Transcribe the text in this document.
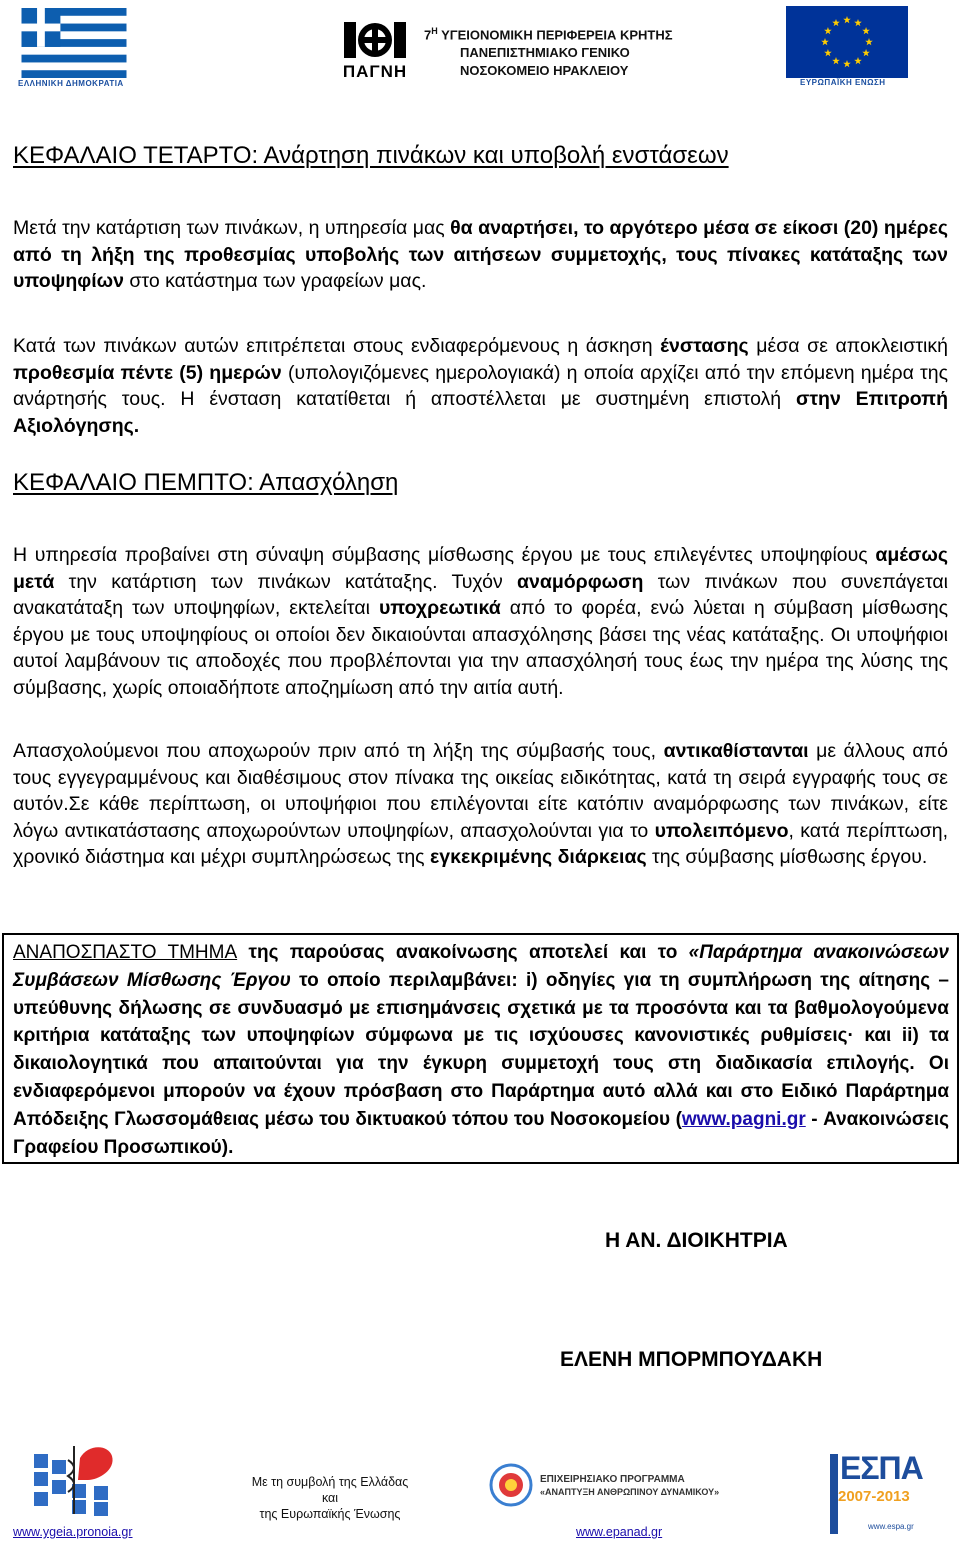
ΕΛΛΗΝΙΚΗ ΔΗΜΟΚΡΑΤΙΑ
ΠΑΓΝΗ
$7^H$ ΥΓΕΙΟΝΟΜΙΚΗ ΠΕΡΙΦΕΡΕΙΑ ΚΡΗΤΗΣ
ΠΑΝΕΠΙΣΤΗΜΙΑΚΟ ΓΕΝΙΚΟ
ΝΟΣΟΚΟΜΕΙΟ ΗΡΑΚΛΕΙΟΥ
ΕΥΡΩΠΑΪΚΗ ΕΝΩΣΗ
ΚΕΦΑΛΑΙΟ ΤΕΤΑΡΤΟ: Ανάρτηση πινάκων και υποβολή ενστάσεων
Μετά την κατάρτιση των πινάκων, η υπηρεσία μας θα αναρτήσει, το αργότερο μέσα σε είκοσι (20) ημέρες από τη λήξη της προθεσμίας υποβολής των αιτήσεων συμμετοχής, τους πίνακες κατάταξης των υποψηφίων στο κατάστημα των γραφείων μας.
Κατά των πινάκων αυτών επιτρέπεται στους ενδιαφερόμενους η άσκηση ένστασης μέσα σε αποκλειστική προθεσμία πέντε (5) ημερών (υπολογιζόμενες ημερολογιακά) η οποία αρχίζει από την επόμενη ημέρα της ανάρτησής τους. Η ένσταση κατατίθεται ή αποστέλλεται με συστημένη επιστολή στην Επιτροπή Αξιολόγησης.
ΚΕΦΑΛΑΙΟ ΠΕΜΠΤΟ: Απασχόληση
Η υπηρεσία προβαίνει στη σύναψη σύμβασης μίσθωσης έργου με τους επιλεγέντες υποψηφίους αμέσως μετά την κατάρτιση των πινάκων κατάταξης. Τυχόν αναμόρφωση των πινάκων που συνεπάγεται ανακατάταξη των υποψηφίων, εκτελείται υποχρεωτικά από το φορέα, ενώ λύεται η σύμβαση μίσθωσης έργου με τους υποψηφίους οι οποίοι δεν δικαιούνται απασχόλησης βάσει της νέας κατάταξης. Οι υποψήφιοι αυτοί λαμβάνουν τις αποδοχές που προβλέπονται για την απασχόλησή τους έως την ημέρα της λύσης της σύμβασης, χωρίς οποιαδήποτε αποζημίωση από την αιτία αυτή.
Απασχολούμενοι που αποχωρούν πριν από τη λήξη της σύμβασής τους, αντικαθίστανται με άλλους από τους εγγεγραμμένους και διαθέσιμους στον πίνακα της οικείας ειδικότητας, κατά τη σειρά εγγραφής τους σε αυτόν.Σε κάθε περίπτωση, οι υποψήφιοι που επιλέγονται είτε κατόπιν αναμόρφωσης των πινάκων, είτε λόγω αντικατάστασης αποχωρούντων υποψηφίων, απασχολούνται για το υπολειπόμενο, κατά περίπτωση, χρονικό διάστημα και μέχρι συμπληρώσεως της εγκεκριμένης διάρκειας της σύμβασης μίσθωσης έργου.
ΑΝΑΠΟΣΠΑΣΤΟ ΤΜΗΜΑ της παρούσας ανακοίνωσης αποτελεί και το «Παράρτημα ανακοινώσεων Συμβάσεων Μίσθωσης Έργου το οποίο περιλαμβάνει: i) οδηγίες για τη συμπλήρωση της αίτησης – υπεύθυνης δήλωσης σε συνδυασμό με επισημάνσεις σχετικά με τα προσόντα και τα βαθμολογούμενα κριτήρια κατάταξης των υποψηφίων σύμφωνα με τις ισχύουσες κανονιστικές ρυθμίσεις· και ii) τα δικαιολογητικά που απαιτούνται για την έγκυρη συμμετοχή τους στη διαδικασία επιλογής. Οι ενδιαφερόμενοι μπορούν να έχουν πρόσβαση στο Παράρτημα αυτό αλλά και στο Ειδικό Παράρτημα Απόδειξης Γλωσσομάθειας μέσω του δικτυακού τόπου του Νοσοκομείου (www.pagni.gr - Ανακοινώσεις Γραφείου Προσωπικού).
Η ΑΝ. ΔΙΟΙΚΗΤΡΙΑ
ΕΛΕΝΗ ΜΠΟΡΜΠΟΥΔΑΚΗ
www.ygeia.pronoia.gr
Με τη συμβολή της Ελλάδας
και
της Ευρωπαϊκής Ένωσης
ΕΠΙΧΕΙΡΗΣΙΑΚΟ ΠΡΟΓΡΑΜΜΑ
«ΑΝΑΠΤΥΞΗ ΑΝΘΡΩΠΙΝΟΥ ΔΥΝΑΜΙΚΟΥ»
www.epanad.gr
ΕΣΠΑ
2007-2013
www.espa.gr
